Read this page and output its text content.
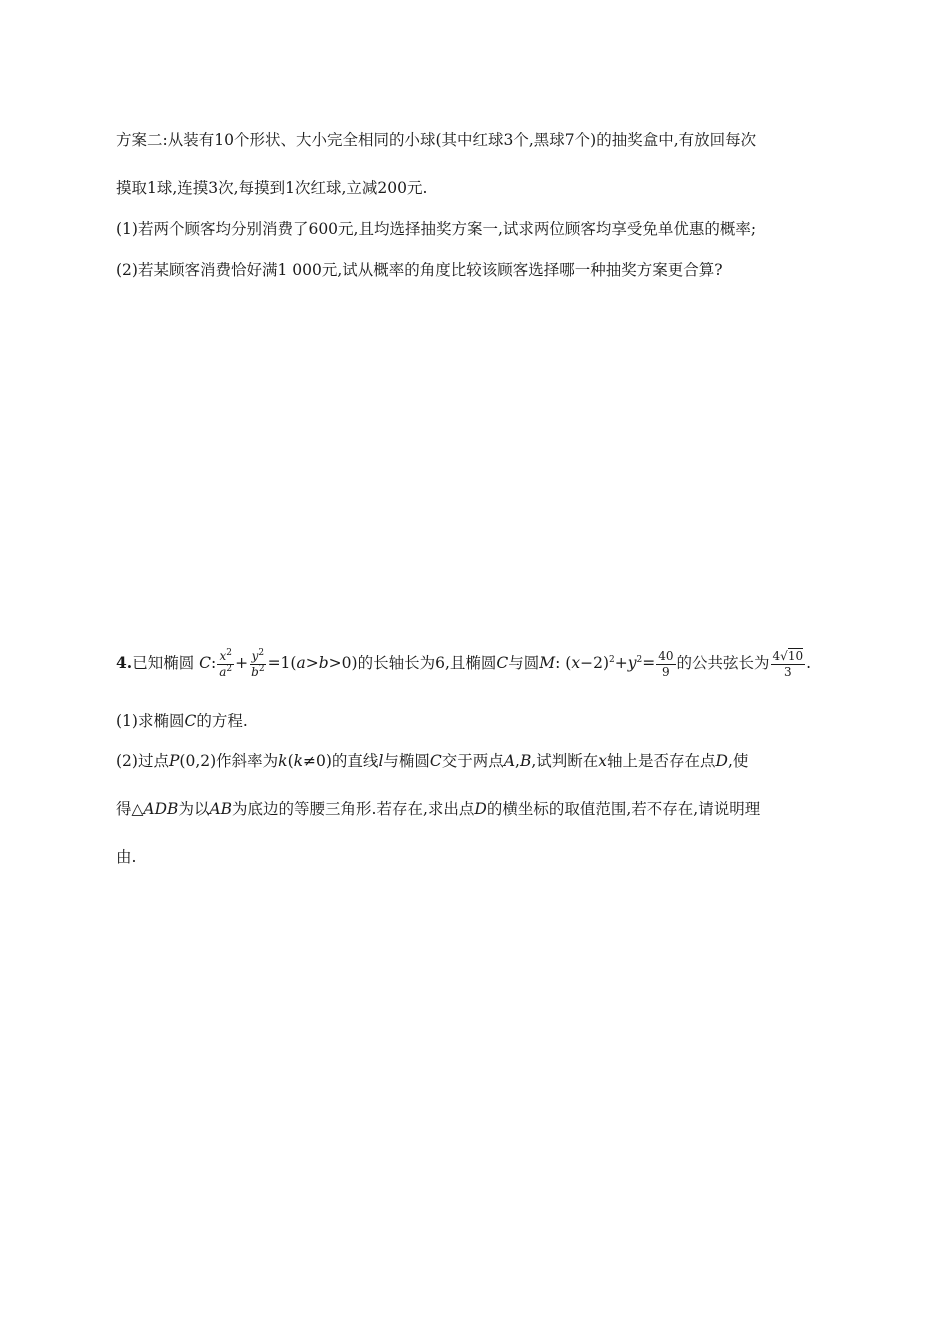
方案二:从装有10个形状、大小完全相同的小球(其中红球3个,黑球7个)的抽奖盒中,有放回每次
摸取1球,连摸3次,每摸到1次红球,立减200元.
(1)若两个顾客均分别消费了600元,且均选择抽奖方案一,试求两位顾客均享受免单优惠的概率;
(2)若某顾客消费恰好满1 000元,试从概率的角度比较该顾客选择哪一种抽奖方案更合算?
4.已知椭圆 C: $\frac{x^2}{a^2} + \frac{y^2}{b^2} =1(a>b>0)$的长轴长为6,且椭圆C与圆M: $(x-2)^2+y^2= \frac{40}{9}$ 的公共弦长为 $\frac{4√10}{3}$ .
(1)求椭圆C的方程.
(2)过点P(0,2)作斜率为k(k≠0)的直线l与椭圆C交于两点A,B,试判断在x轴上是否存在点D,使
得△ADB为以AB为底边的等腰三角形.若存在,求出点D的横坐标的取值范围,若不存在,请说明理
由.
